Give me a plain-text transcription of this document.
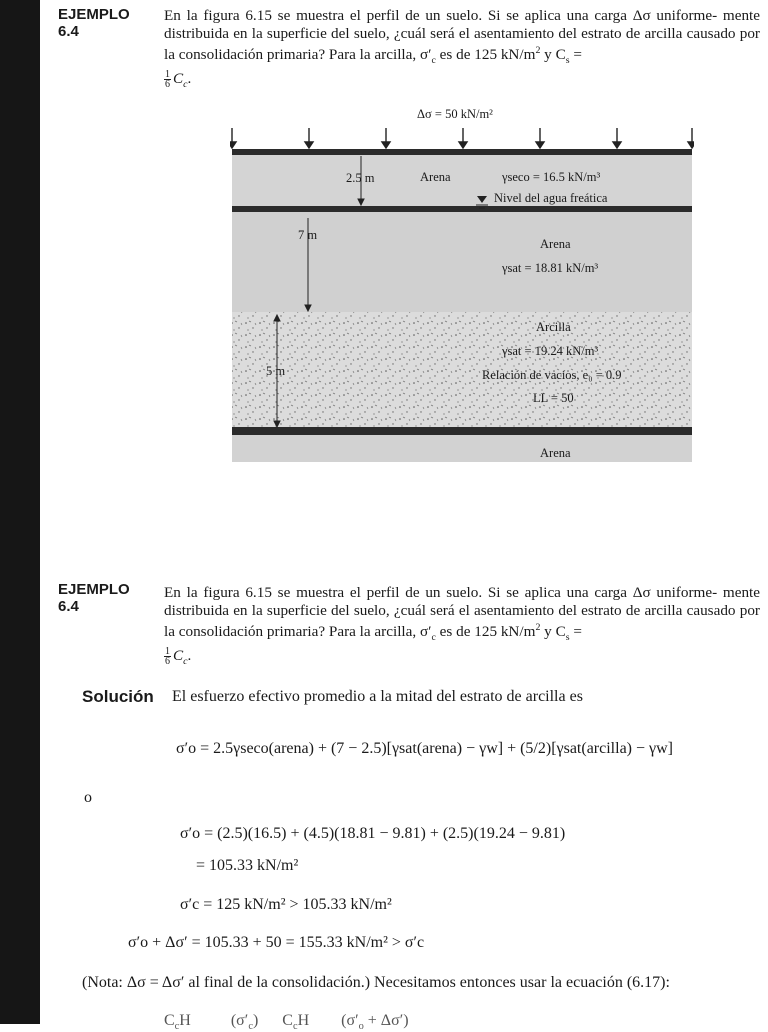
EJEMPLO
6.4
En la figura 6.15 se muestra el perfil de un suelo. Si se aplica una carga Δσ uniforme- mente distribuida en la superficie del suelo, ¿cuál será el asentamiento del estrato de arcilla causado por la consolidación primaria? Para la arcilla, $\sigma'_c$ es de 125 $kN/m^2$ y $C_s$ =

$\frac{1}{6} C_c$.
Δσ = 50 kN/m²
2.5 m	Arena	γseco = 16.5 kN/m³
Nivel del agua freática
7 m
Arena
γsat = 18.81 kN/m³
Arcilla
γsat = 19.24 kN/m³
5 m	Relación de vacíos, e₀ = 0.9
LL = 50
Arena
EJEMPLO
6.4
En la figura 6.15 se muestra el perfil de un suelo. Si se aplica una carga Δσ uniforme- mente distribuida en la superficie del suelo, ¿cuál será el asentamiento del estrato de arcilla causado por la consolidación primaria? Para la arcilla, $\sigma'_c$ es de 125 $kN/m^2$ y $C_s$ =

$\frac{1}{6} C_c$.
Solución El esfuerzo efectivo promedio a la mitad del estrato de arcilla es
σ′o = 2.5γseco(arena) + (7 − 2.5)[γsat(arena) − γw] + (5/2)[γsat(arcilla) − γw]
o
σ′o = (2.5)(16.5) + (4.5)(18.81 − 9.81) + (2.5)(19.24 − 9.81)
= 105.33 kN/m²
σ′c = 125 kN/m² > 105.33 kN/m²
σ′o + Δσ′ = 105.33 + 50 = 155.33 kN/m² > σ′c
(Nota: Δσ = Δσ′ al final de la consolidación.) Necesitamos entonces usar la ecuación (6.17):
$C_cH$          $(\sigma'_c)$      $C_cH$        $(\sigma'_o + \Delta\sigma')$
